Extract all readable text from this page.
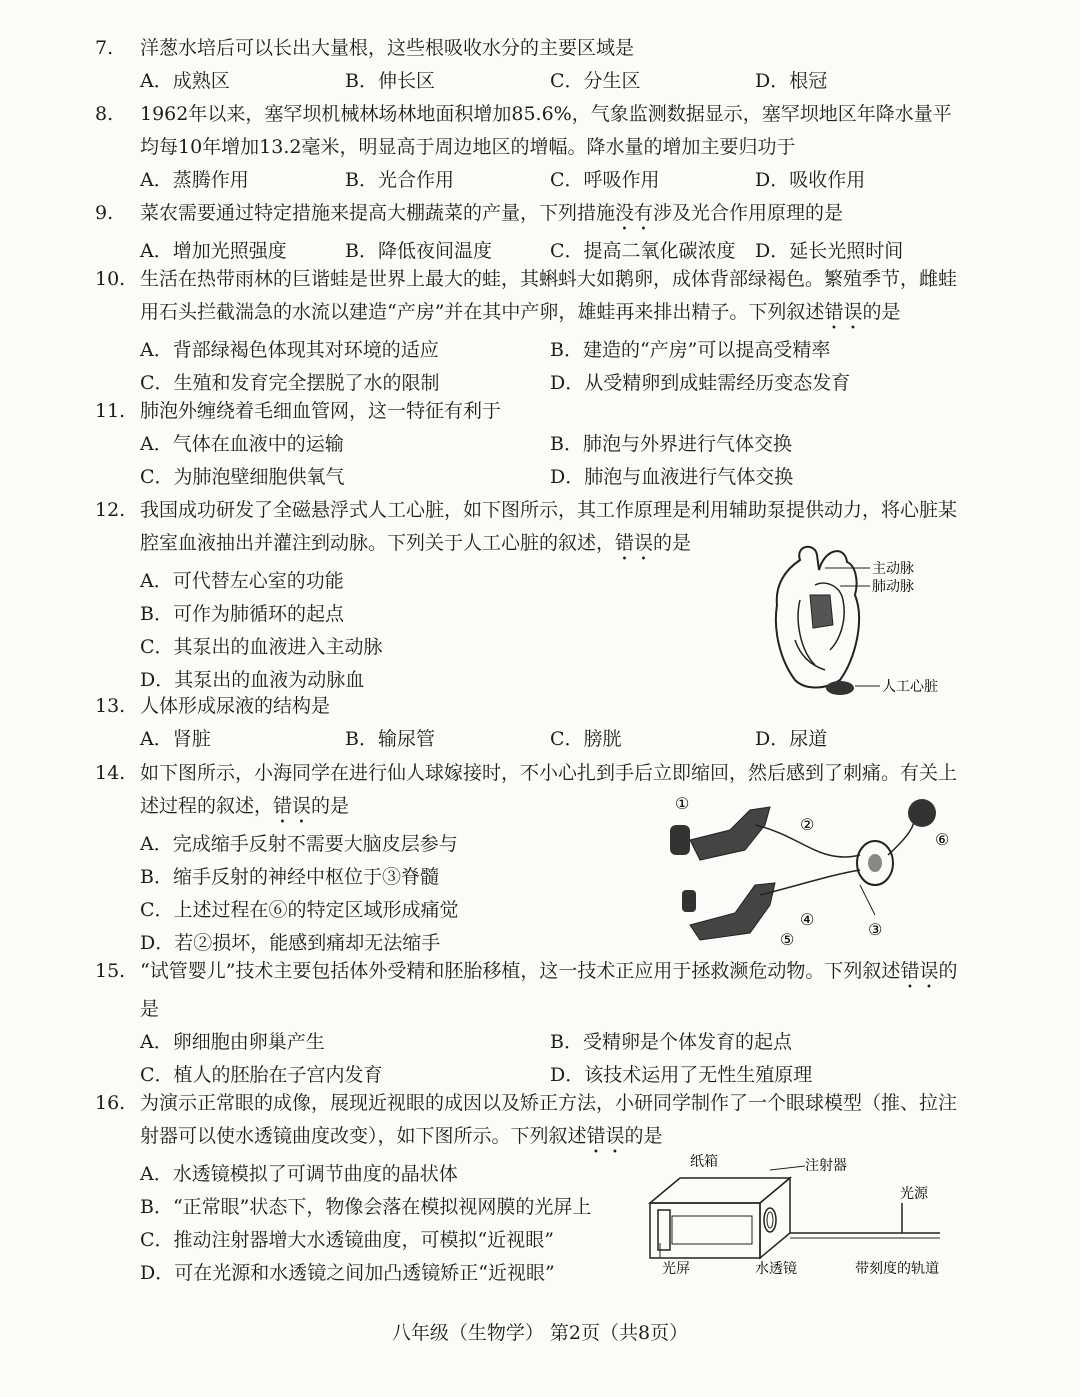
7.	洋葱水培后可以长出大量根，这些根吸收水分的主要区域是
A．成熟区	B．伸长区	C．分生区	D．根冠
8.	1962年以来，塞罕坝机械林场林地面积增加85.6%，气象监测数据显示，塞罕坝地区年降水量平均每10年增加13.2毫米，明显高于周边地区的增幅。降水量的增加主要归功于
A．蒸腾作用	B．光合作用	C．呼吸作用	D．吸收作用
9.	菜农需要通过特定措施来提高大棚蔬菜的产量，下列措施没有涉及光合作用原理的是
A．增加光照强度	B．降低夜间温度	C．提高二氧化碳浓度	D．延长光照时间
10. 生活在热带雨林的巨谐蛙是世界上最大的蛙，其蝌蚪大如鹅卵，成体背部绿褐色。繁殖季节，雌蛙用石头拦截湍急的水流以建造“产房”并在其中产卵，雄蛙再来排出精子。下列叙述错误的是
A．背部绿褐色体现其对环境的适应	B．建造的“产房”可以提高受精率
C．生殖和发育完全摆脱了水的限制	D．从受精卵到成蛙需经历变态发育
11. 肺泡外缠绕着毛细血管网，这一特征有利于
A．气体在血液中的运输	B．肺泡与外界进行气体交换
C．为肺泡壁细胞供氧气	D．肺泡与血液进行气体交换
12. 我国成功研发了全磁悬浮式人工心脏，如下图所示，其工作原理是利用辅助泵提供动力，将心脏某腔室血液抽出并灌注到动脉。下列关于人工心脏的叙述，错误的是
A．可代替左心室的功能
B．可作为肺循环的起点
C．其泵出的血液进入主动脉
D．其泵出的血液为动脉血
主动脉
肺动脉
人工心脏
13. 人体形成尿液的结构是
A．肾脏	B．输尿管	C．膀胱	D．尿道
14. 如下图所示，小海同学在进行仙人球嫁接时，不小心扎到手后立即缩回，然后感到了刺痛。有关上述过程的叙述，错误的是
A．完成缩手反射不需要大脑皮层参与
B．缩手反射的神经中枢位于③脊髓
C．上述过程在⑥的特定区域形成痛觉
D．若②损坏，能感到痛却无法缩手
①
②
③
④
⑤
⑥
15. “试管婴儿”技术主要包括体外受精和胚胎移植，这一技术正应用于拯救濒危动物。下列叙述错误的是
A．卵细胞由卵巢产生	B．受精卵是个体发育的起点
C．植人的胚胎在子宫内发育	D．该技术运用了无性生殖原理
16. 为演示正常眼的成像，展现近视眼的成因以及矫正方法，小研同学制作了一个眼球模型（推、拉注射器可以使水透镜曲度改变），如下图所示。下列叙述错误的是
A．水透镜模拟了可调节曲度的晶状体
B．“正常眼”状态下，物像会落在模拟视网膜的光屏上
C．推动注射器增大水透镜曲度，可模拟“近视眼”
D．可在光源和水透镜之间加凸透镜矫正“近视眼”
纸箱	注射器
光源
光屏	水透镜	带刻度的轨道
八年级（生物学） 第2页（共8页）
